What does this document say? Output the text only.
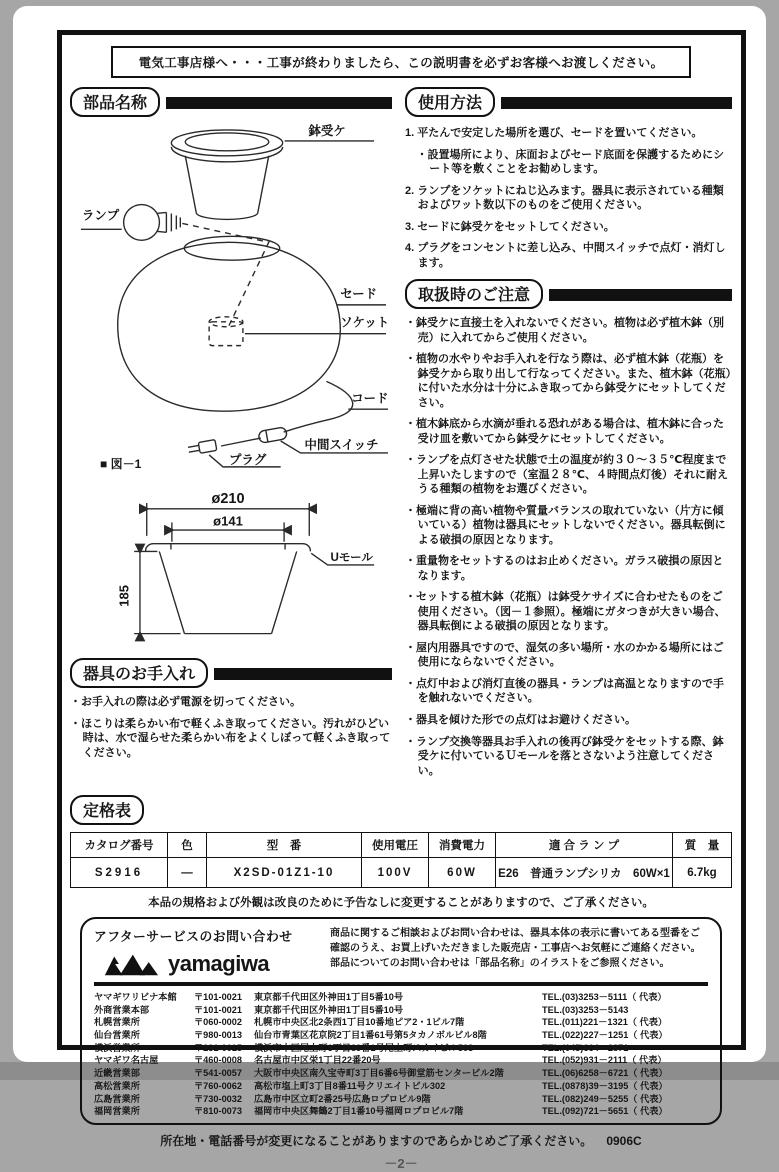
電気工事店様へ・・・工事が終わりましたら、この説明書を必ずお客様へお渡しください。
部品名称
鉢受ケ
ランプ
セード
ソケット
コード
中間スイッチ
プラグ
■ 図－1
ø210
ø141
185
Uモール
器具のお手入れ
・お手入れの際は必ず電源を切ってください。
・ほこりは柔らかい布で軽くふき取ってください。汚れがひどい時は、水で湿らせた柔らかい布をよくしぼって軽くふき取ってください。
使用方法
1. 平たんで安定した場所を選び、セードを置いてください。
・設置場所により、床面およびセード底面を保護するためにシート等を敷くことをお勧めします。
2. ランプをソケットにねじ込みます。器具に表示されている種類およびワット数以下のものをご使用ください。
3. セードに鉢受ケをセットしてください。
4. プラグをコンセントに差し込み、中間スイッチで点灯・消灯します。
取扱時のご注意
・鉢受ケに直接土を入れないでください。植物は必ず植木鉢（別売）に入れてからご使用ください。
・植物の水やりやお手入れを行なう際は、必ず植木鉢（花瓶）を鉢受ケから取り出して行なってください。また、植木鉢（花瓶）に付いた水分は十分にふき取ってから鉢受ケにセットしてください。
・植木鉢底から水滴が垂れる恐れがある場合は、植木鉢に合った受け皿を敷いてから鉢受ケにセットしてください。
・ランプを点灯させた状態で土の温度が約３０～３５℃程度まで上昇いたしますので（室温２８℃、４時間点灯後）それに耐えうる種類の植物をお選びください。
・極端に背の高い植物や質量バランスの取れていない（片方に傾いている）植物は器具にセットしないでください。器具転倒による破損の原因となります。
・重量物をセットするのはお止めください。ガラス破損の原因となります。
・セットする植木鉢（花瓶）は鉢受ケサイズに合わせたものをご使用ください。（図－１参照）。極端にガタつきが大きい場合、器具転倒による破損の原因となります。
・屋内用器具ですので、湿気の多い場所・水のかかる場所にはご使用にならないでください。
・点灯中および消灯直後の器具・ランプは高温となりますので手を触れないでください。
・器具を傾けた形での点灯はお避けください。
・ランプ交換等器具お手入れの後再び鉢受ケをセットする際、鉢受ケに付いているＵモールを落とさないよう注意してください。
定格表
カタログ番号	色	型　番	使用電圧	消費電力	適 合 ラ ン プ	質　量
S2916	—	X2SD-01Z1-10	100V	60W	E26　普通ランプシリカ　60W×1	6.7kg
本品の規格および外観は改良のために予告なしに変更することがありますので、ご了承ください。
アフターサービスのお問い合わせ
yamagiwa
商品に関するご相談およびお問い合わせは、器具本体の表示に書いてある型番をご確認のうえ、お買上げいただきました販売店・工事店へお気軽にご連絡ください。部品についてのお問い合わせは「部品名称」のイラストをご参照ください。
ヤマギワリビナ本館	〒101-0021	東京都千代田区外神田1丁目5番10号	TEL.(03)3253－5111（ 代表）
外商営業本部	〒101-0021	東京都千代田区外神田1丁目5番10号	TEL.(03)3253－5143
札幌営業所	〒060-0002	札幌市中央区北2条西1丁目10番地ピア2・1ビル7階	TEL.(011)221－1321（ 代表）
仙台営業所	〒980-0013	仙台市青葉区花京院2丁目1番61号第5タカノボルビル8階	TEL.(022)227－1251（ 代表）
横浜営業所	〒231-0015	横浜市中区尾上町6丁目89番1号尾上町スカイビル503	TEL.(045)664－2871
ヤマギワ名古屋	〒460-0008	名古屋市中区栄1丁目22番20号	TEL.(052)931－2111（ 代表）
近畿営業部	〒541-0057	大阪市中央区南久宝寺町3丁目6番6号御堂筋センタービル2階	TEL.(06)6258－6721（ 代表）
高松営業所	〒760-0062	高松市塩上町3丁目8番11号クリエイトビル302	TEL.(0878)39－3195（ 代表）
広島営業所	〒730-0032	広島市中区立町2番25号広島ロプロビル9階	TEL.(082)249－5255（ 代表）
福岡営業所	〒810-0073	福岡市中央区舞鶴2丁目1番10号福岡ロプロビル7階	TEL.(092)721－5651（ 代表）
所在地・電話番号が変更になることがありますのであらかじめご了承ください。 0906C
－2－
